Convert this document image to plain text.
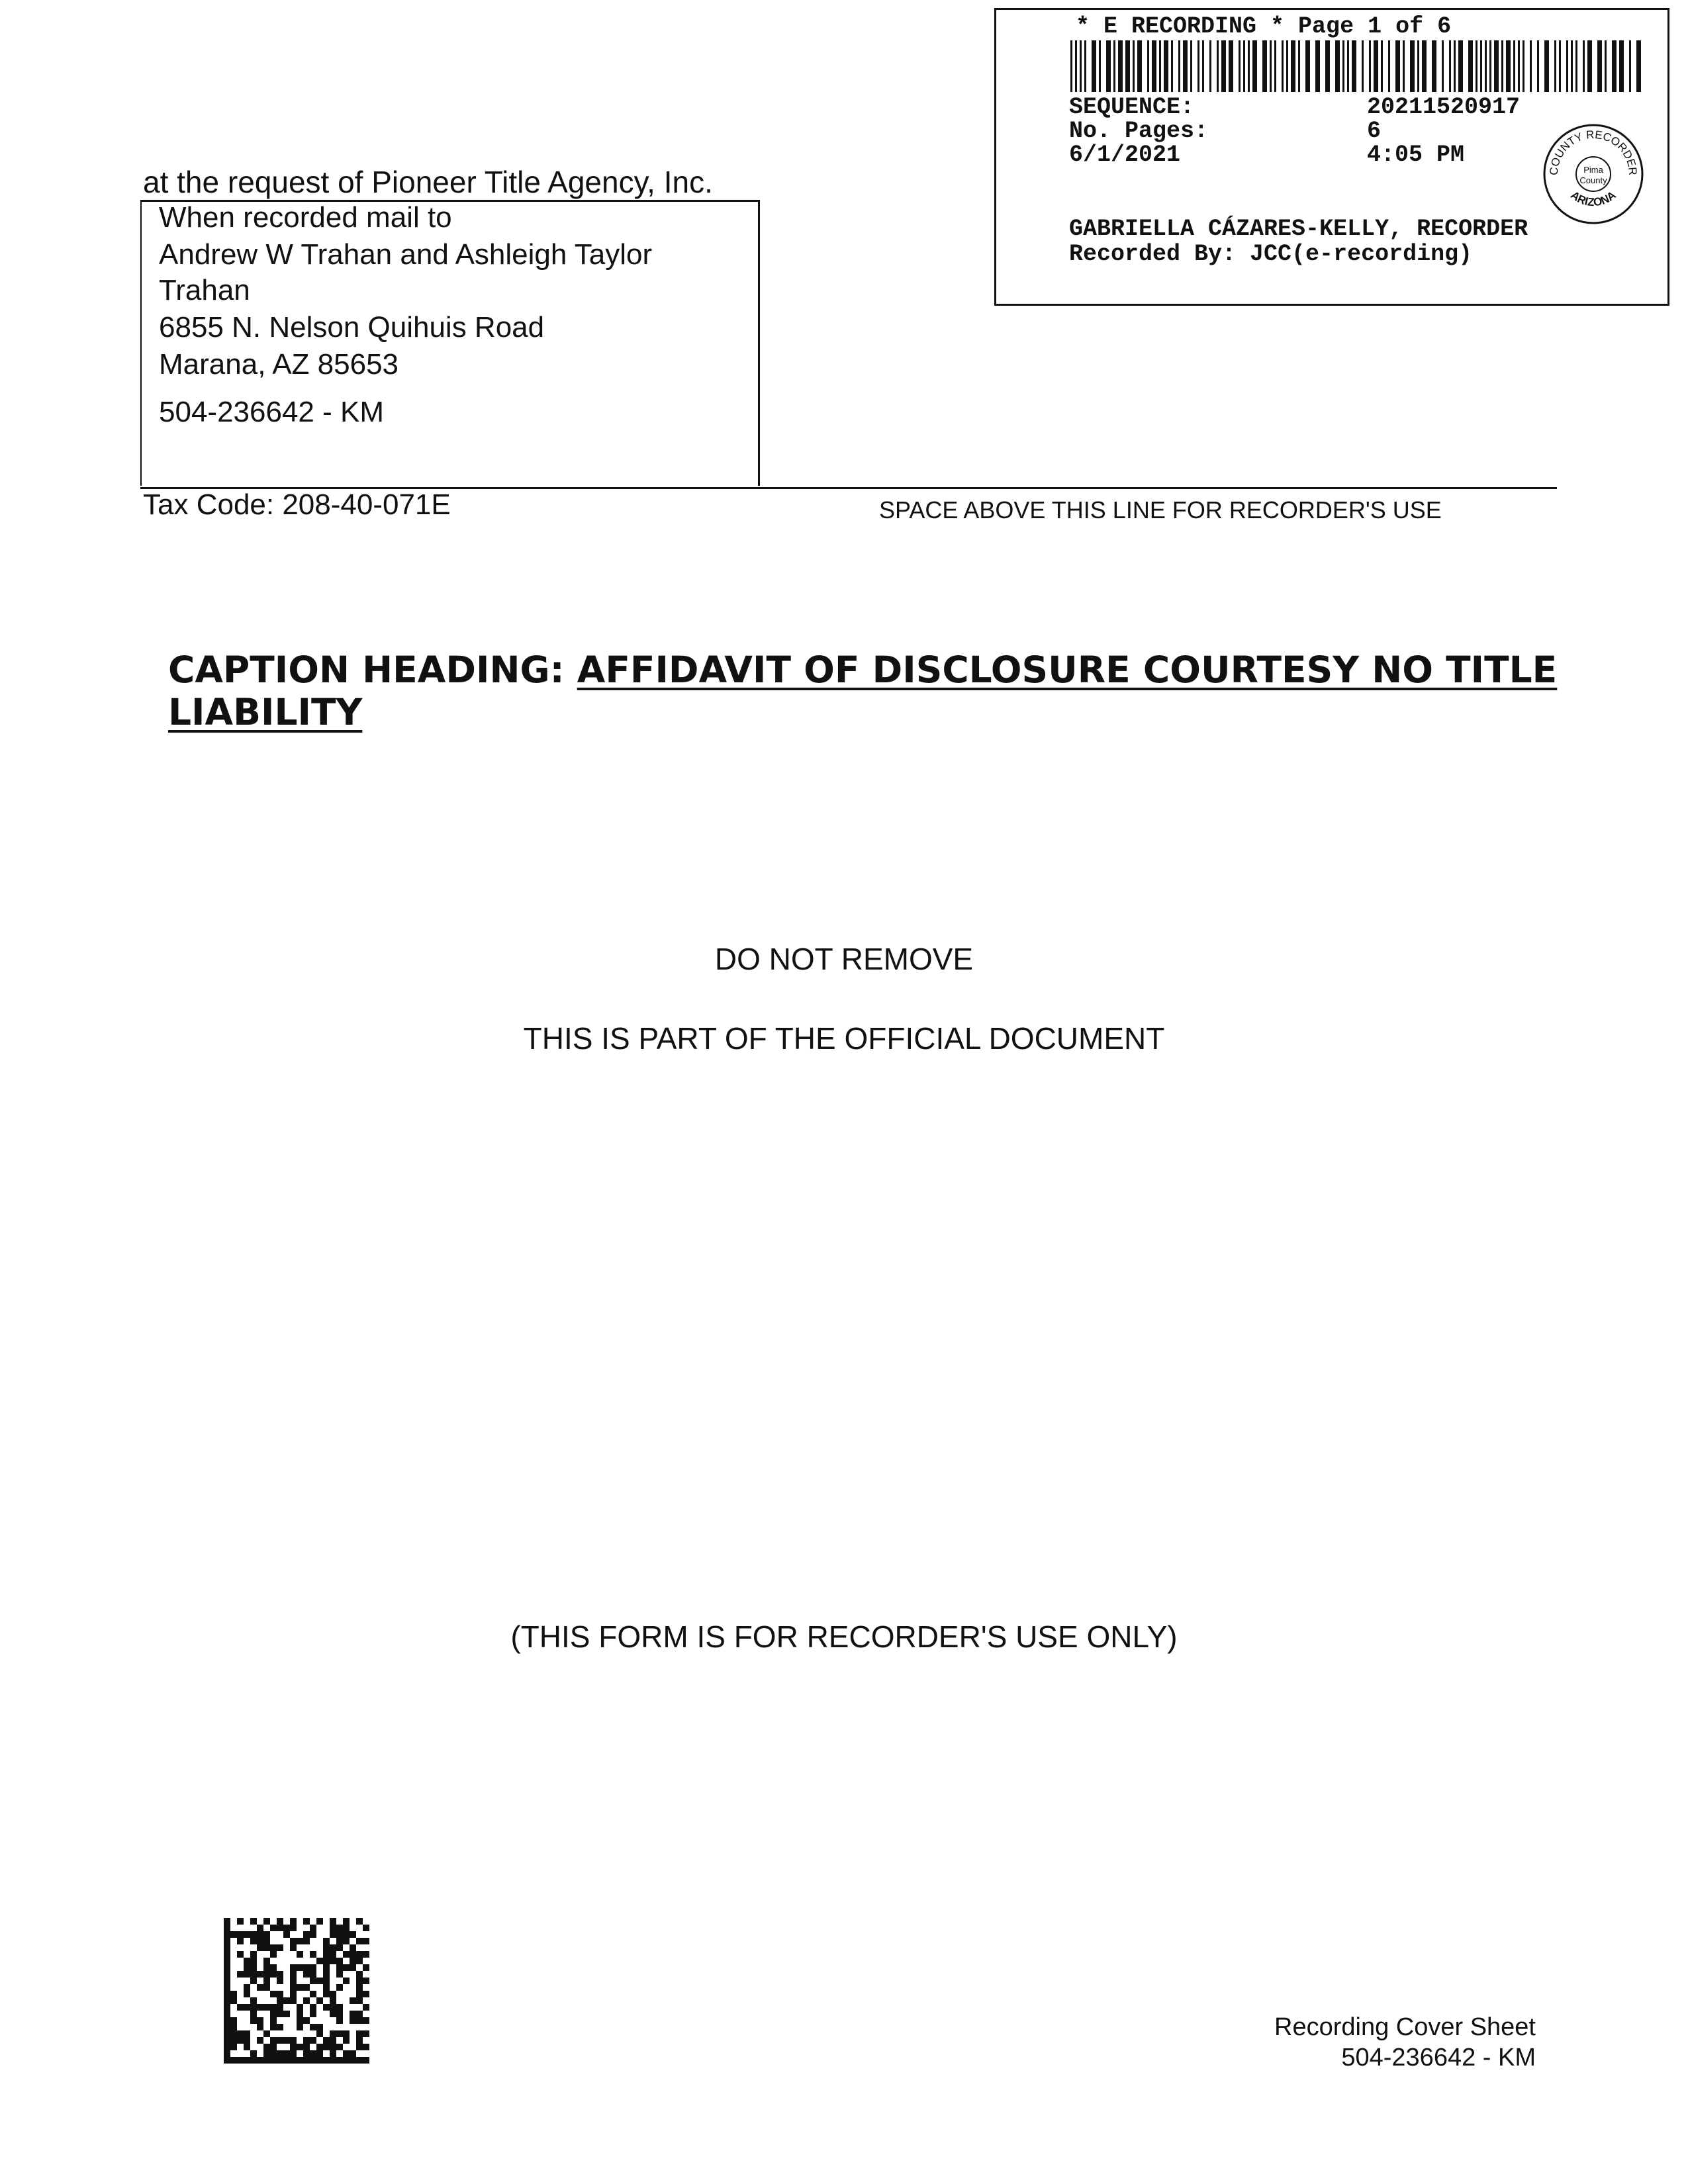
* E RECORDING * Page 1 of 6
SEQUENCE:	20211520917
No. Pages:	6
6/1/2021	4:05 PM
COUNTY RECORDER
ARIZONA
Pima
County
GABRIELLA CÁZARES-KELLY, RECORDER
Recorded By: JCC(e-recording)
at the request of Pioneer Title Agency, Inc.
When recorded mail to
Andrew W Trahan and Ashleigh Taylor
Trahan
6855 N. Nelson Quihuis Road
Marana, AZ 85653
504-236642 - KM
Tax Code: 208-40-071E	SPACE ABOVE THIS LINE FOR RECORDER'S USE
CAPTION HEADING: AFFIDAVIT OF DISCLOSURE COURTESY NO TITLE LIABILITY
DO NOT REMOVE
THIS IS PART OF THE OFFICIAL DOCUMENT
(THIS FORM IS FOR RECORDER'S USE ONLY)
Recording Cover Sheet
504-236642 - KM
